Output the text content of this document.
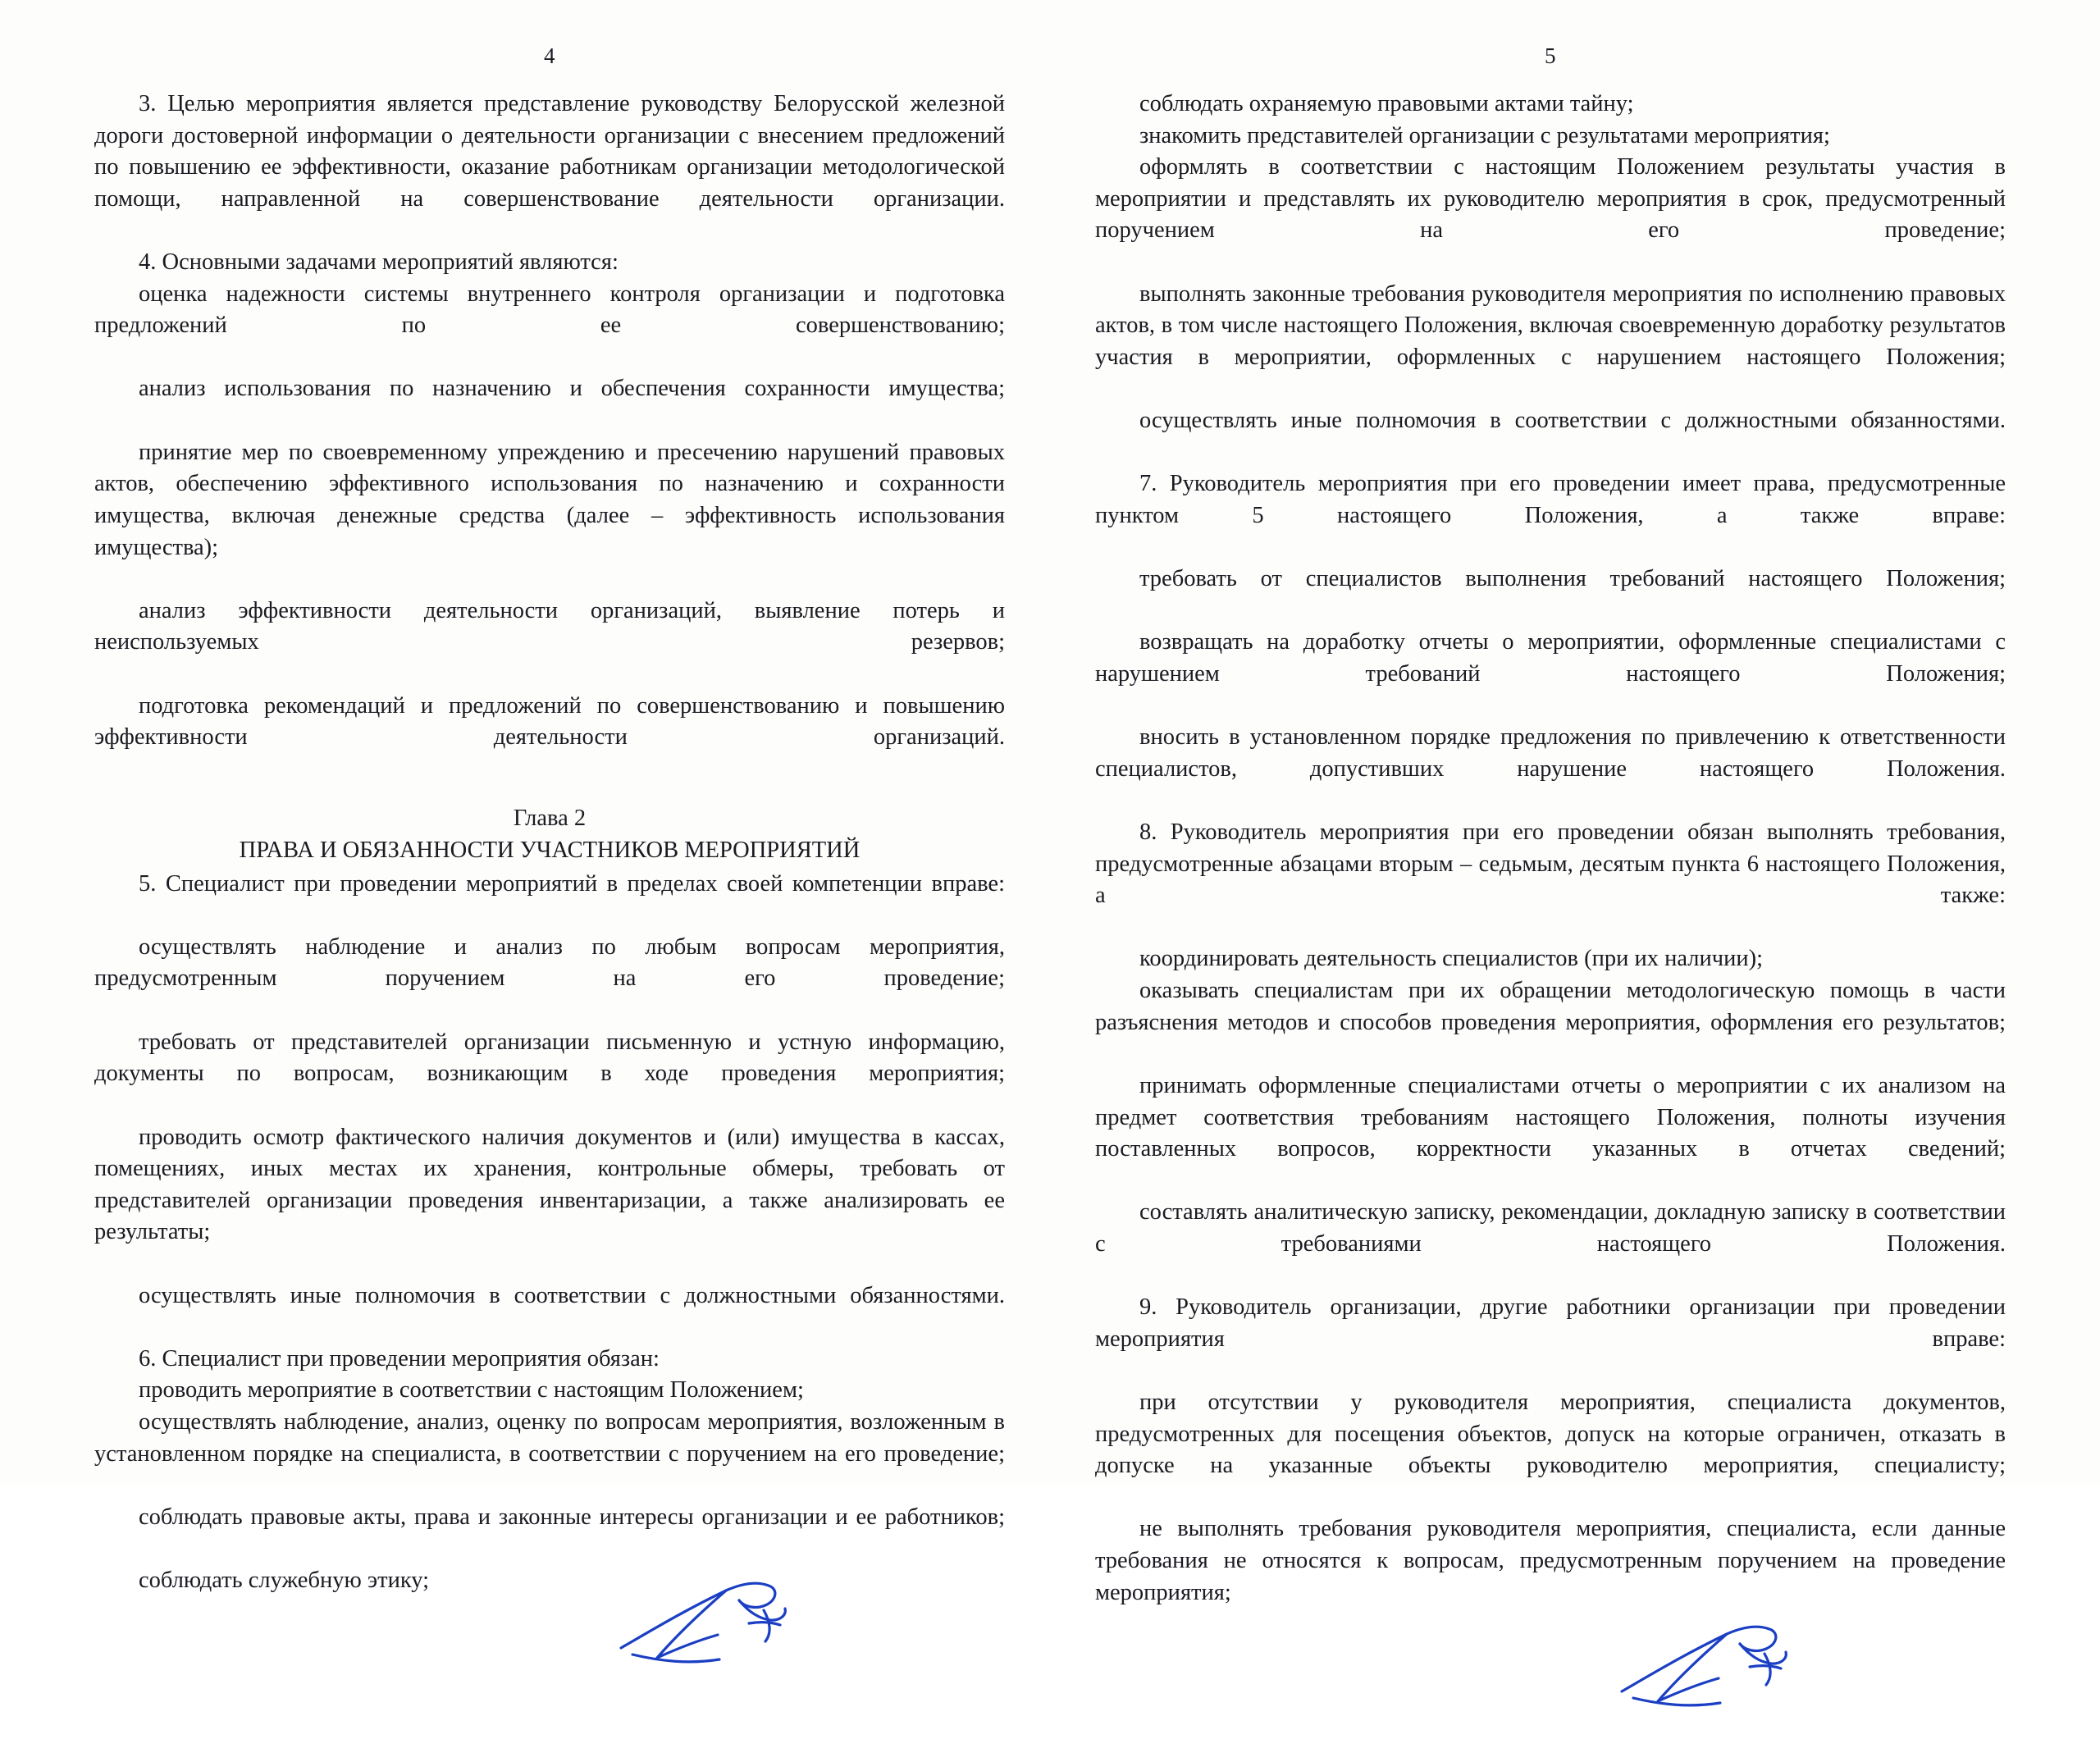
4

3. Целью мероприятия является представление руководству Белорусской железной дороги достоверной информации о деятельности организации с внесением предложений по повышению ее эффективности, оказание работникам организации методологической помощи, направленной на совершенствование деятельности организации.

4. Основными задачами мероприятий являются:

оценка надежности системы внутреннего контроля организации и подготовка предложений по ее совершенствованию;

анализ использования по назначению и обеспечения сохранности имущества;

принятие мер по своевременному упреждению и пресечению нарушений правовых актов, обеспечению эффективного использования по назначению и сохранности имущества, включая денежные средства (далее – эффективность использования имущества);

анализ эффективности деятельности организаций, выявление потерь и неиспользуемых резервов;

подготовка рекомендаций и предложений по совершенствованию и повышению эффективности деятельности организаций.

Глава 2

ПРАВА И ОБЯЗАННОСТИ УЧАСТНИКОВ МЕРОПРИЯТИЙ

5. Специалист при проведении мероприятий в пределах своей компетенции вправе:

осуществлять наблюдение и анализ по любым вопросам мероприятия, предусмотренным поручением на его проведение;

требовать от представителей организации письменную и устную информацию, документы по вопросам, возникающим в ходе проведения мероприятия;

проводить осмотр фактического наличия документов и (или) имущества в кассах, помещениях, иных местах их хранения, контрольные обмеры, требовать от представителей организации проведения инвентаризации, а также анализировать ее результаты;

осуществлять иные полномочия в соответствии с должностными обязанностями.

6. Специалист при проведении мероприятия обязан:

проводить мероприятие в соответствии с настоящим Положением;

осуществлять наблюдение, анализ, оценку по вопросам мероприятия, возложенным в установленном порядке на специалиста, в соответствии с поручением на его проведение;

соблюдать правовые акты, права и законные интересы организации и ее работников;

соблюдать служебную этику;

5

соблюдать охраняемую правовыми актами тайну;

знакомить представителей организации с результатами мероприятия;

оформлять в соответствии с настоящим Положением результаты участия в мероприятии и представлять их руководителю мероприятия в срок, предусмотренный поручением на его проведение;

выполнять законные требования руководителя мероприятия по исполнению правовых актов, в том числе настоящего Положения, включая своевременную доработку результатов участия в мероприятии, оформленных с нарушением настоящего Положения;

осуществлять иные полномочия в соответствии с должностными обязанностями.

7. Руководитель мероприятия при его проведении имеет права, предусмотренные пунктом 5 настоящего Положения, а также вправе:

требовать от специалистов выполнения требований настоящего Положения;

возвращать на доработку отчеты о мероприятии, оформленные специалистами с нарушением требований настоящего Положения;

вносить в установленном порядке предложения по привлечению к ответственности специалистов, допустивших нарушение настоящего Положения.

8. Руководитель мероприятия при его проведении обязан выполнять требования, предусмотренные абзацами вторым – седьмым, десятым пункта 6 настоящего Положения, а также:

координировать деятельность специалистов (при их наличии);

оказывать специалистам при их обращении методологическую помощь в части разъяснения методов и способов проведения мероприятия, оформления его результатов;

принимать оформленные специалистами отчеты о мероприятии с их анализом на предмет соответствия требованиям настоящего Положения, полноты изучения поставленных вопросов, корректности указанных в отчетах сведений;

составлять аналитическую записку, рекомендации, докладную записку в соответствии с требованиями настоящего Положения.

9. Руководитель организации, другие работники организации при проведении мероприятия вправе:

при отсутствии у руководителя мероприятия, специалиста документов, предусмотренных для посещения объектов, допуск на которые ограничен, отказать в допуске на указанные объекты руководителю мероприятия, специалисту;

не выполнять требования руководителя мероприятия, специалиста, если данные требования не относятся к вопросам, предусмотренным поручением на проведение мероприятия;
